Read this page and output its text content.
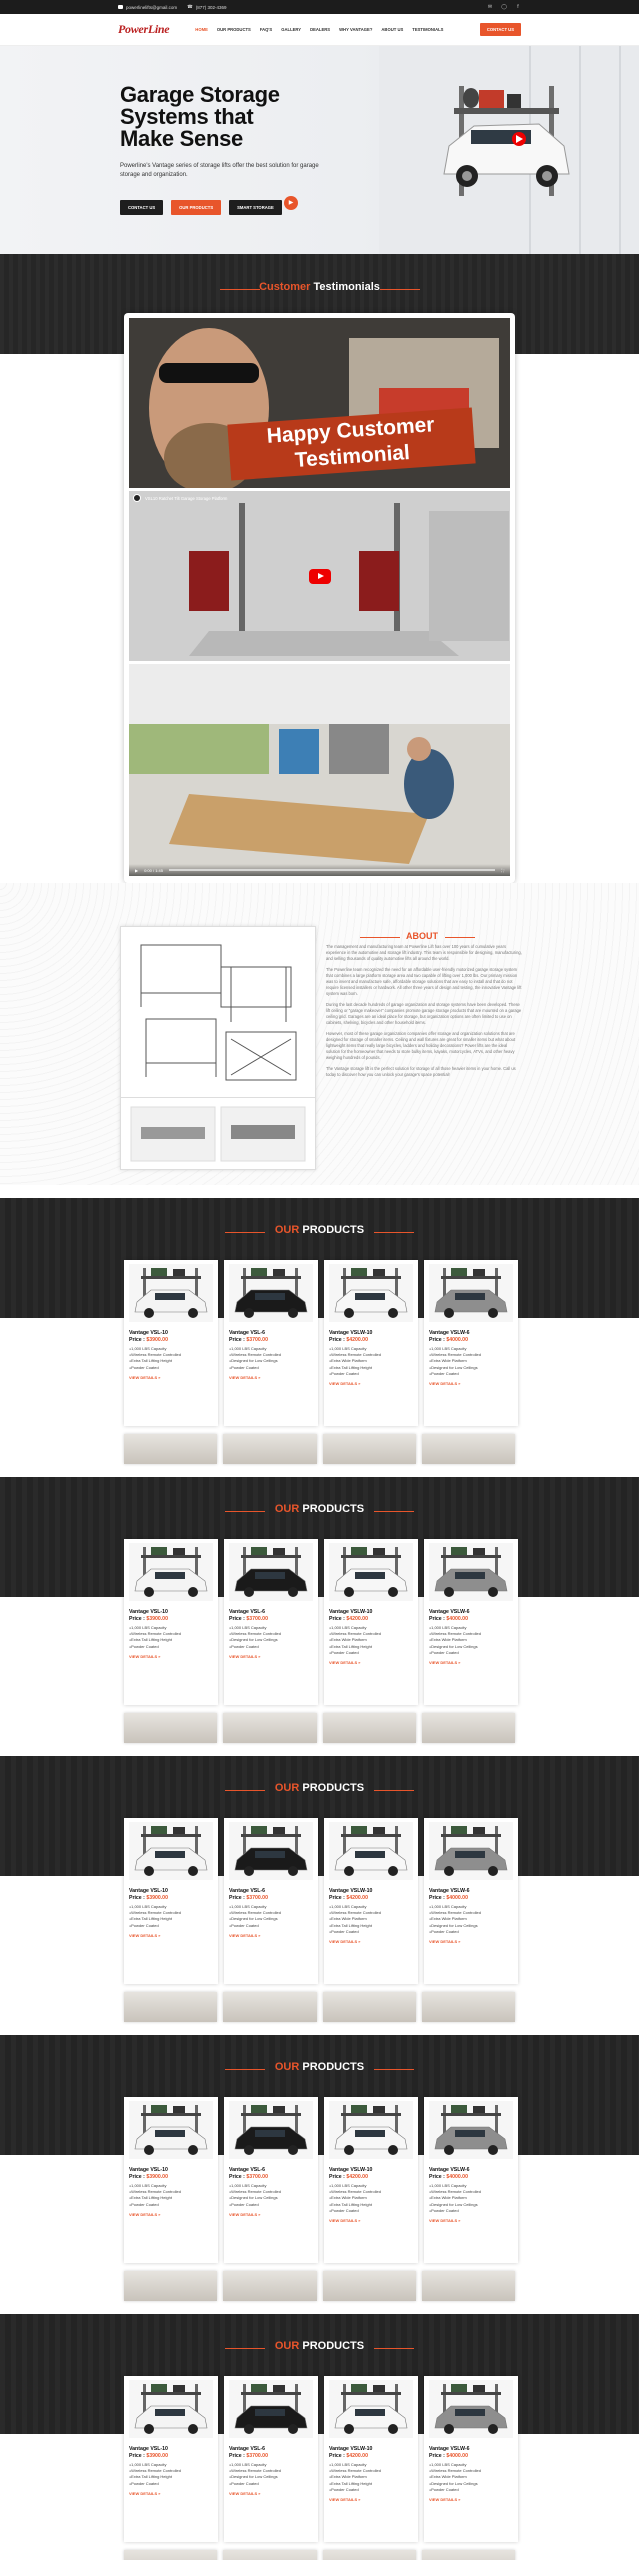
powerlinelifts@gmail.com ☎ (877) 302-4369	✉ ◯	f
PowerLine	HOME OUR PRODUCTS FAQ'S GALLERY DEALERS WHY VANTAGE? ABOUT US TESTIMONIALS	CONTACT US
Garage Storage
Systems that
Make Sense

Powerline's Vantage series of storage lifts offer the best solution for garage storage and organization.

CONTACT US	OUR PRODUCTS	SMART STORAGE
▶
Customer Testimonials
Happy Customer
Testimonial
VSL10 Ratchet Tilt Garage Storage Platform
▶ 0:00 / 1:45	⛶
ABOUT

The management and manufacturing team at Powerline Lift has over 100 years of cumulative years experience in the automotive and storage lift industry. This team is responsible for designing, manufacturing, and selling thousands of quality automotive lifts all around the world.

The Powerline team recognized the need for an affordable user-friendly motorized garage storage system that combines a large platform storage area and two capable of lifting over 1,000 lbs. Our primary mission was to invent and manufacture safe, affordable storage solutions that are easy to install and that do not require licensed installers or hardwork. All other three years of design and testing, the innovative Vantage lift system was born.

During the last decade hundreds of garage organization and storage systems have been developed. These lift ceiling or "garage makeover" companies promote garage storage products that are mounted on a garage ceiling grid. Garages are an ideal place for storage, but organization options are often limited to use on cabinets, shelving, bicycles and other household items.

However, most of these garage organization companies offer storage and organization solutions that are designed for storage of smaller items. Ceiling and wall fixtures are great for smaller items but what about lightweight items that really large bicycles, ladders and holiday decorations? Power lifts are the ideal solution for the homeowner that needs to store bulky items, kayaks, motorcycles, ATVs, and other heavy weighing hundreds of pounds.

The Vantage storage lift is the perfect solution for storage of all those heavier items in your home. Call us today to discover how you can unlock your garage's space potential!

OUR PRODUCTS
Vantage VSL-10
Price : $3900.00
● 1,000 LBS Capacity
● Wireless Remote Controlled
● Extra Tall Lifting Height
● Powder Coated
VIEW DETAILS »
Vantage VSL-6
Price : $3700.00
● 1,000 LBS Capacity
● Wireless Remote Controlled
● Designed for Low Ceilings
● Powder Coated
VIEW DETAILS »
Vantage VSLW-10
Price : $4200.00
● 1,000 LBS Capacity
● Wireless Remote Controlled
● Extra Wide Platform
● Extra Tall Lifting Height
● Powder Coated
VIEW DETAILS »
Vantage VSLW-6
Price : $4000.00
● 1,000 LBS Capacity
● Wireless Remote Controlled
● Extra Wide Platform
● Designed for Low Ceilings
● Powder Coated
VIEW DETAILS »
OUR PRODUCTS
Vantage VSL-10
Price : $3900.00
● 1,000 LBS Capacity
● Wireless Remote Controlled
● Extra Tall Lifting Height
● Powder Coated
VIEW DETAILS »
Vantage VSL-6
Price : $3700.00
● 1,000 LBS Capacity
● Wireless Remote Controlled
● Designed for Low Ceilings
● Powder Coated
VIEW DETAILS »
Vantage VSLW-10
Price : $4200.00
● 1,000 LBS Capacity
● Wireless Remote Controlled
● Extra Wide Platform
● Extra Tall Lifting Height
● Powder Coated
VIEW DETAILS »
Vantage VSLW-6
Price : $4000.00
● 1,000 LBS Capacity
● Wireless Remote Controlled
● Extra Wide Platform
● Designed for Low Ceilings
● Powder Coated
VIEW DETAILS »
OUR PRODUCTS
Vantage VSL-10
Price : $3900.00
● 1,000 LBS Capacity
● Wireless Remote Controlled
● Extra Tall Lifting Height
● Powder Coated
VIEW DETAILS »
Vantage VSL-6
Price : $3700.00
● 1,000 LBS Capacity
● Wireless Remote Controlled
● Designed for Low Ceilings
● Powder Coated
VIEW DETAILS »
Vantage VSLW-10
Price : $4200.00
● 1,000 LBS Capacity
● Wireless Remote Controlled
● Extra Wide Platform
● Extra Tall Lifting Height
● Powder Coated
VIEW DETAILS »
Vantage VSLW-6
Price : $4000.00
● 1,000 LBS Capacity
● Wireless Remote Controlled
● Extra Wide Platform
● Designed for Low Ceilings
● Powder Coated
VIEW DETAILS »
OUR PRODUCTS
Vantage VSL-10
Price : $3900.00
● 1,000 LBS Capacity
● Wireless Remote Controlled
● Extra Tall Lifting Height
● Powder Coated
VIEW DETAILS »
Vantage VSL-6
Price : $3700.00
● 1,000 LBS Capacity
● Wireless Remote Controlled
● Designed for Low Ceilings
● Powder Coated
VIEW DETAILS »
Vantage VSLW-10
Price : $4200.00
● 1,000 LBS Capacity
● Wireless Remote Controlled
● Extra Wide Platform
● Extra Tall Lifting Height
● Powder Coated
VIEW DETAILS »
Vantage VSLW-6
Price : $4000.00
● 1,000 LBS Capacity
● Wireless Remote Controlled
● Extra Wide Platform
● Designed for Low Ceilings
● Powder Coated
VIEW DETAILS »
OUR PRODUCTS
Vantage VSL-10
Price : $3900.00
● 1,000 LBS Capacity
● Wireless Remote Controlled
● Extra Tall Lifting Height
● Powder Coated
VIEW DETAILS »
Vantage VSL-6
Price : $3700.00
● 1,000 LBS Capacity
● Wireless Remote Controlled
● Designed for Low Ceilings
● Powder Coated
VIEW DETAILS »
Vantage VSLW-10
Price : $4200.00
● 1,000 LBS Capacity
● Wireless Remote Controlled
● Extra Wide Platform
● Extra Tall Lifting Height
● Powder Coated
VIEW DETAILS »
Vantage VSLW-6
Price : $4000.00
● 1,000 LBS Capacity
● Wireless Remote Controlled
● Extra Wide Platform
● Designed for Low Ceilings
● Powder Coated
VIEW DETAILS »
